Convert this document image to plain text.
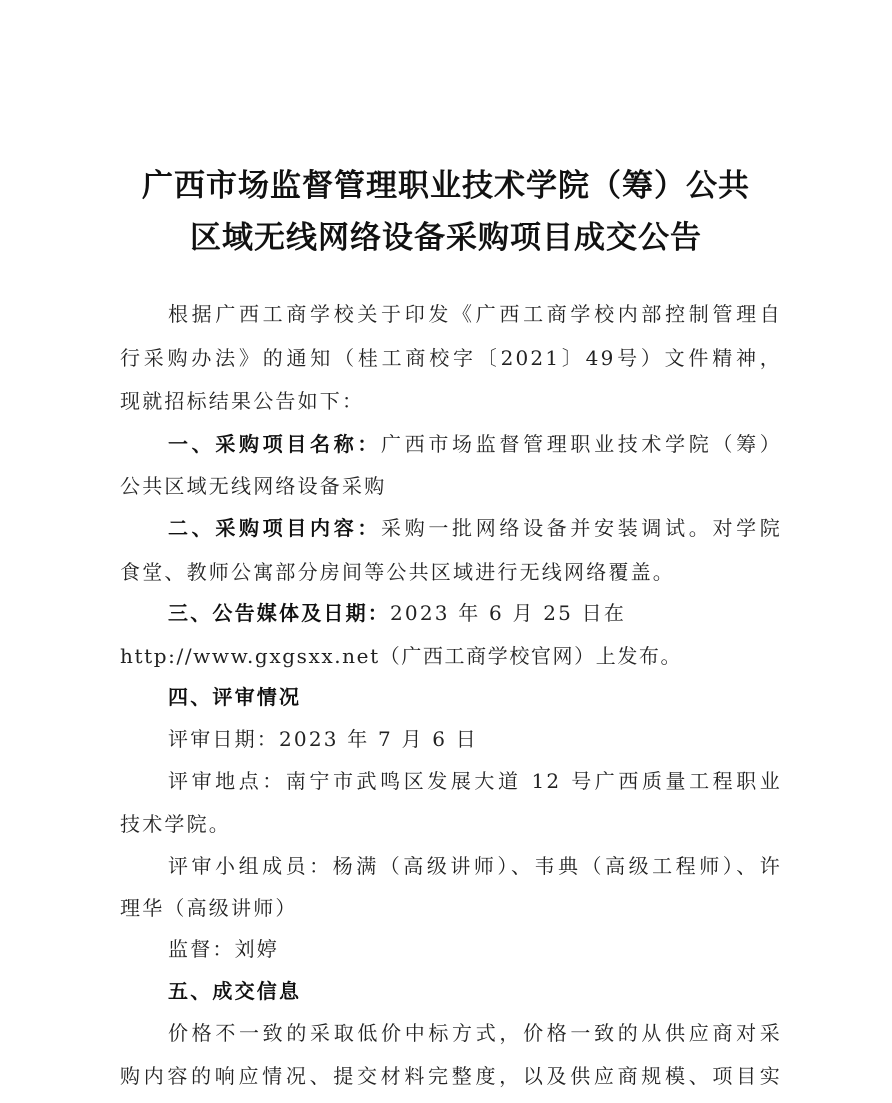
广西市场监督管理职业技术学院（筹）公共
区域无线网络设备采购项目成交公告
根据广西工商学校关于印发《广西工商学校内部控制管理自
行采购办法》的通知（桂工商校字〔2021〕49号）文件精神，
现就招标结果公告如下：
一、采购项目名称：广西市场监督管理职业技术学院（筹）
公共区域无线网络设备采购
二、采购项目内容：采购一批网络设备并安装调试。对学院
食堂、教师公寓部分房间等公共区域进行无线网络覆盖。
三、公告媒体及日期：2023 年 6 月 25 日在
http://www.gxgsxx.net（广西工商学校官网）上发布。
四、评审情况
评审日期：2023 年 7 月 6 日
评审地点：南宁市武鸣区发展大道 12 号广西质量工程职业
技术学院。
评审小组成员：杨满（高级讲师）、韦典（高级工程师）、许
理华（高级讲师）
监督：刘婷
五、成交信息
价格不一致的采取低价中标方式，价格一致的从供应商对采
购内容的响应情况、提交材料完整度，以及供应商规模、项目实
